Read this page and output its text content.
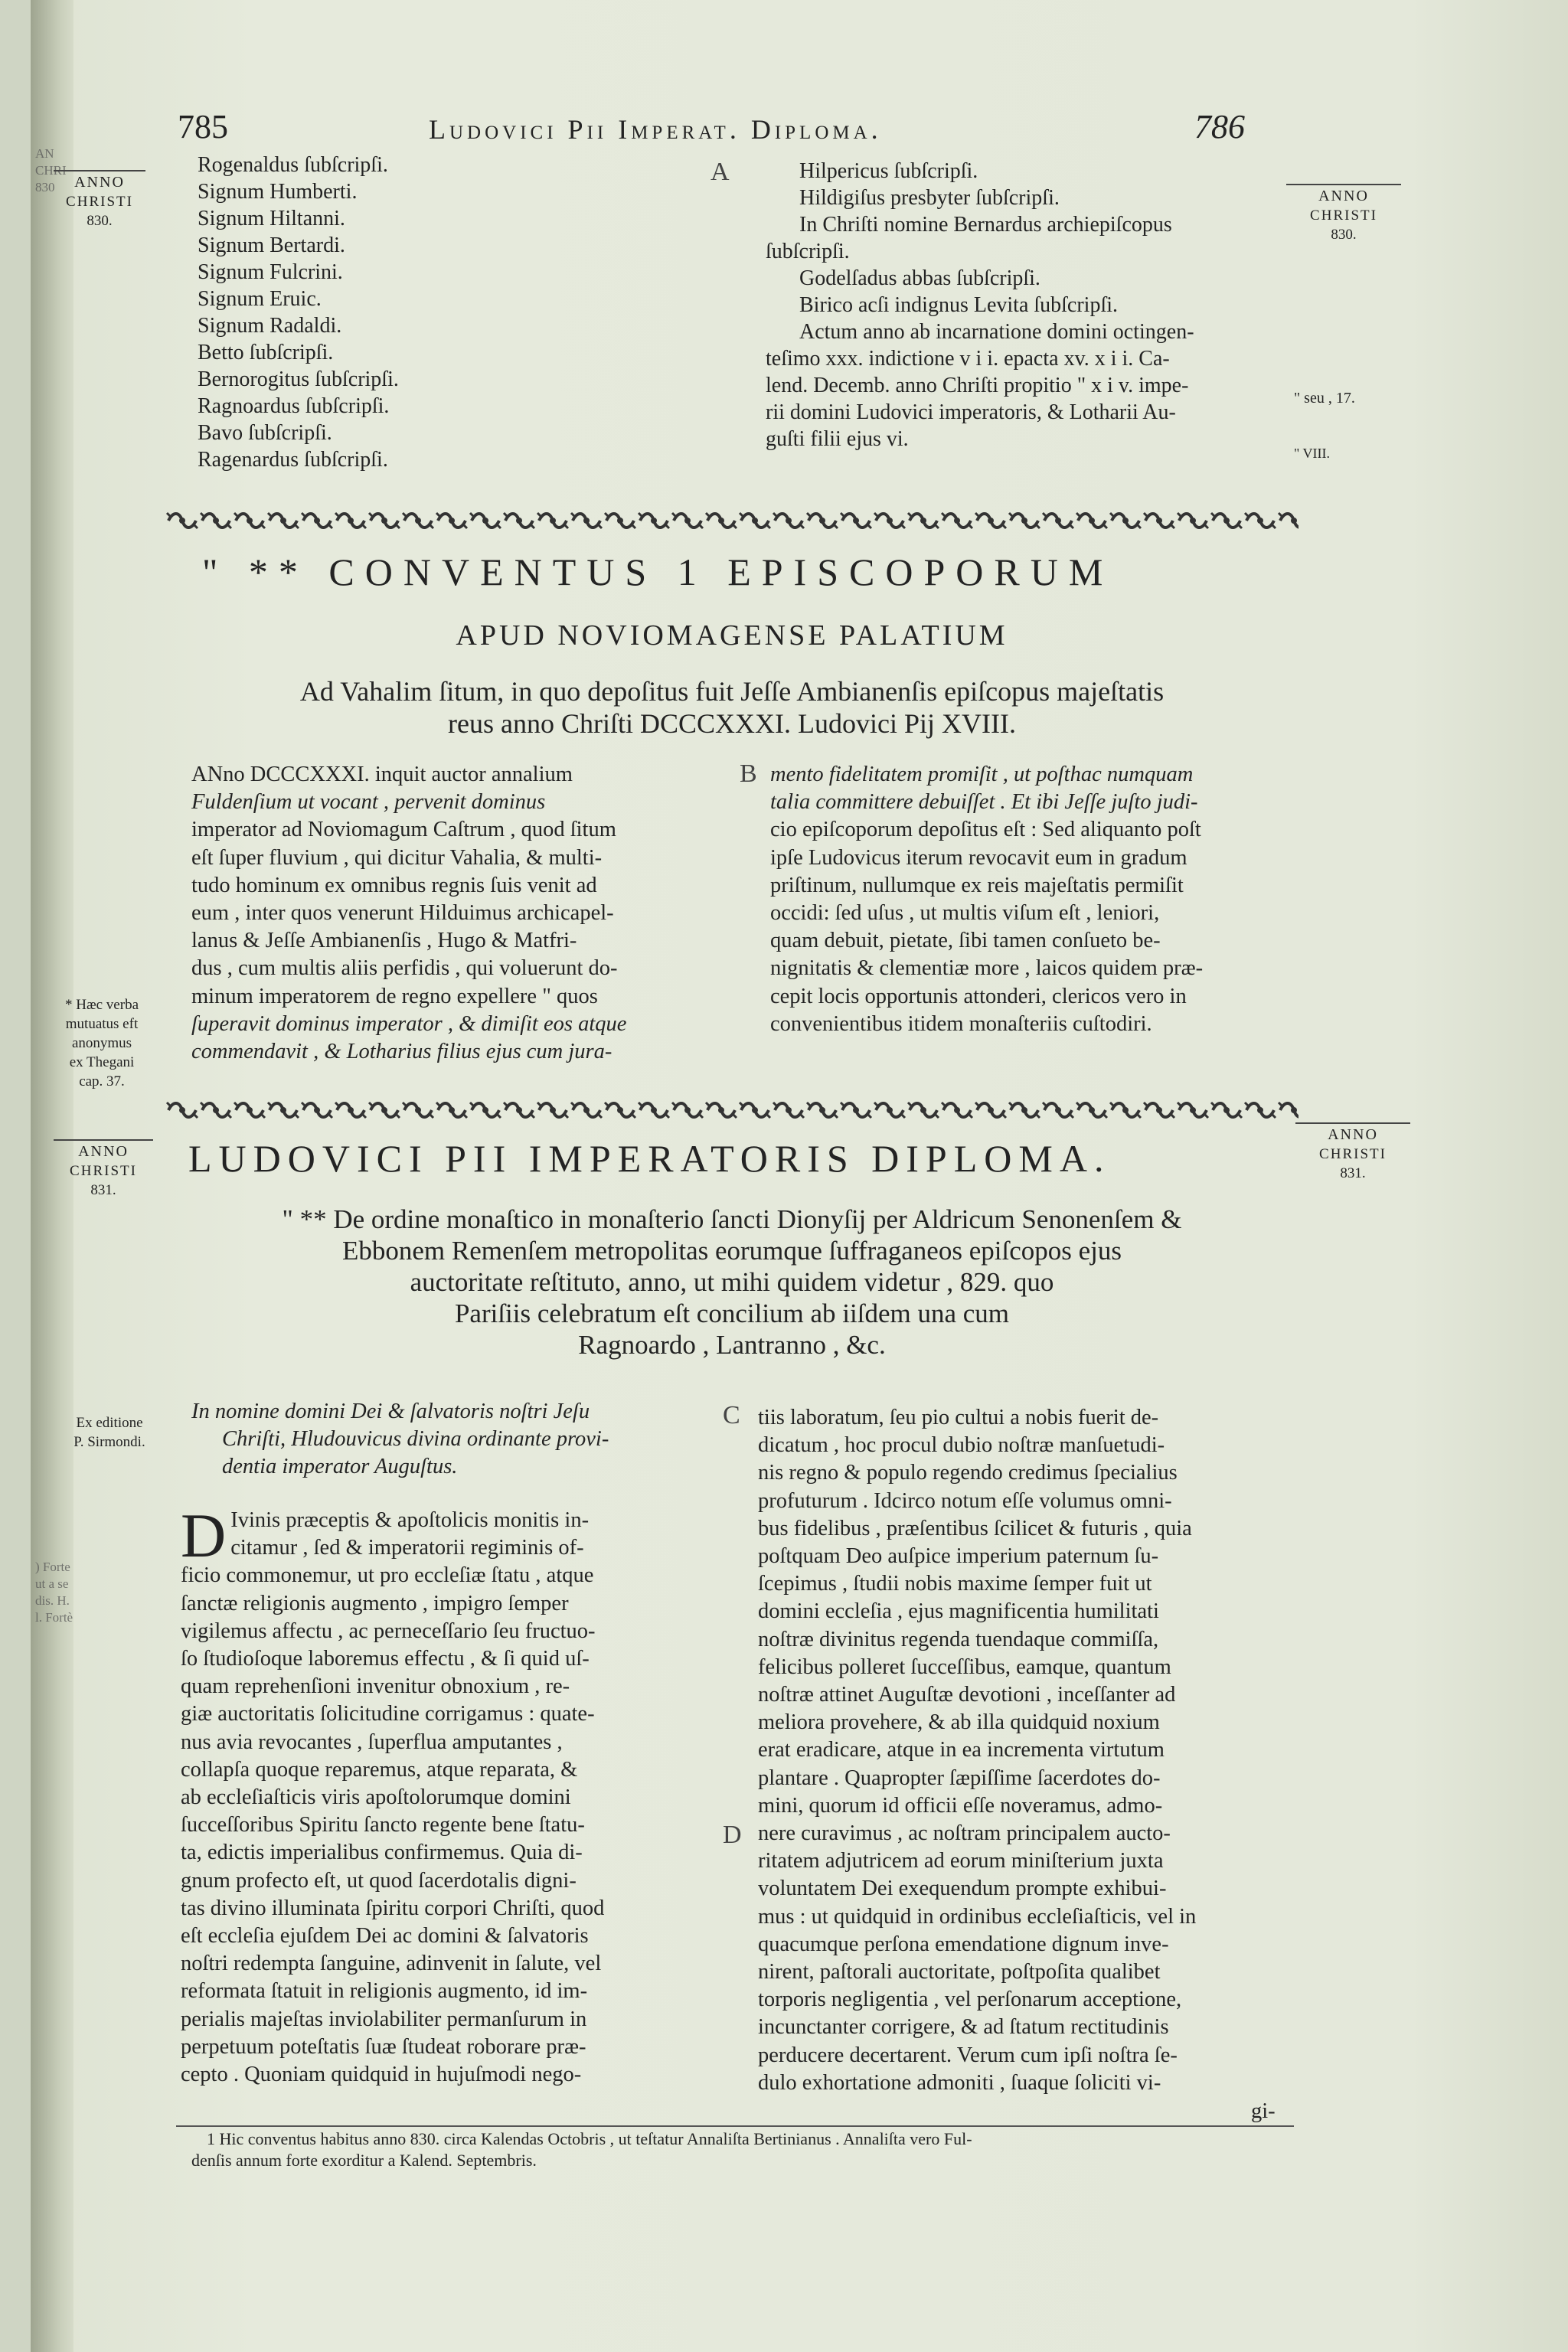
AN
CHRI
830
) Forte
ut a se
dis. H.
l. Fortè
785	Ludovici Pii Imperat. Diploma.	786
ANNO
CHRISTI
830.
ANNO
CHRISTI
830.
" seu , 17.
" VIII.
Rogenaldus ſubſcripſi.
Signum Humberti.
Signum Hiltanni.
Signum Bertardi.
Signum Fulcrini.
Signum Eruic.
Signum Radaldi.
Betto ſubſcripſi.
Bernorogitus ſubſcripſi.
Ragnoardus ſubſcripſi.
Bavo ſubſcripſi.
Ragenardus ſubſcripſi.
A	Hilpericus ſubſcripſi.
Hildigiſus presbyter ſubſcripſi.
In Chriſti nomine Bernardus archiepiſcopus
ſubſcripſi.
Godelſadus abbas ſubſcripſi.
Birico acſi indignus Levita ſubſcripſi.
Actum anno ab incarnatione domini octingen-
teſimo xxx. indictione v i i. epacta xv. x i i. Ca-
lend. Decemb. anno Chriſti propitio " x i v. impe-
rii domini Ludovici imperatoris, & Lotharii Au-
guſti filii ejus vi.
" ** CONVENTUS 1 EPISCOPORUM
APUD NOVIOMAGENSE PALATIUM
Ad Vahalim ſitum, in quo depoſitus fuit Jeſſe Ambianenſis epiſcopus majeſtatis
reus anno Chriſti DCCCXXXI. Ludovici Pij XVIII.
* Hæc verba
mutuatus eft
anonymus
ex Thegani
cap. 37.

ANno DCCCXXXI. inquit auctor annalium

Fuldenſium ut vocant , pervenit dominus

imperator ad Noviomagum Caſtrum , quod ſitum

eſt ſuper fluvium , qui dicitur Vahalia, & multi-

tudo hominum ex omnibus regnis ſuis venit ad

eum , inter quos venerunt Hilduimus archicapel-

lanus & Jeſſe Ambianenſis , Hugo & Matfri-

dus , cum multis aliis perfidis , qui voluerunt do-

minum imperatorem de regno expellere " quos

ſuperavit dominus imperator , & dimiſit eos atque

commendavit , & Lotharius filius ejus cum jura-

B mento fidelitatem promiſit , ut poſthac numquam

talia committere debuiſſet . Et ibi Jeſſe juſto judi-

cio epiſcoporum depoſitus eſt : Sed aliquanto poſt

ipſe Ludovicus iterum revocavit eum in gradum

priſtinum, nullumque ex reis majeſtatis permiſit

occidi: ſed uſus , ut multis viſum eſt , leniori,

quam debuit, pietate, ſibi tamen conſueto be-

nignitatis & clementiæ more , laicos quidem præ-

cepit locis opportunis attonderi, clericos vero in

convenientibus itidem monaſteriis cuſtodiri.

ANNO
CHRISTI
831.
ANNO
CHRISTI
831.
LUDOVICI PII IMPERATORIS DIPLOMA.
" ** De ordine monaſtico in monaſterio ſancti Dionyſij per Aldricum Senonenſem &
Ebbonem Remenſem metropolitas eorumque ſuffraganeos epiſcopos ejus
auctoritate reſtituto, anno, ut mihi quidem videtur , 829. quo
Pariſiis celebratum eſt concilium ab iiſdem una cum
Ragnoardo , Lantranno , &c.
Ex editione
P. Sirmondi.

In nomine domini Dei & ſalvatoris noſtri Jeſu

Chriſti, Hludouvicus divina ordinante provi-

dentia imperator Auguſtus.

C
D
D Ivinis præceptis & apoſtolicis monitis in-

citamur , ſed & imperatorii regiminis of-

ficio commonemur, ut pro eccleſiæ ſtatu , atque

ſanctæ religionis augmento , impigro ſemper

vigilemus affectu , ac perneceſſario ſeu fructuo-

ſo ſtudioſoque laboremus effectu , & ſi quid uſ-

quam reprehenſioni invenitur obnoxium , re-

giæ auctoritatis ſolicitudine corrigamus : quate-

nus avia revocantes , ſuperflua amputantes ,

collapſa quoque reparemus, atque reparata, &

ab eccleſiaſticis viris apoſtolorumque domini

ſucceſſoribus Spiritu ſancto regente bene ſtatu-

ta, edictis imperialibus confirmemus. Quia di-

gnum profecto eſt, ut quod ſacerdotalis digni-

tas divino illuminata ſpiritu corpori Chriſti, quod

eſt eccleſia ejuſdem Dei ac domini & ſalvatoris

noſtri redempta ſanguine, adinvenit in ſalute, vel

reformata ſtatuit in religionis augmento, id im-

perialis majeſtas inviolabiliter permanſurum in

perpetuum poteſtatis ſuæ ſtudeat roborare præ-

cepto . Quoniam quidquid in hujuſmodi nego-

tiis laboratum, ſeu pio cultui a nobis fuerit de-

dicatum , hoc procul dubio noſtræ manſuetudi-

nis regno & populo regendo credimus ſpecialius

profuturum . Idcirco notum eſſe volumus omni-

bus fidelibus , præſentibus ſcilicet & futuris , quia

poſtquam Deo auſpice imperium paternum ſu-

ſcepimus , ſtudii nobis maxime ſemper fuit ut

domini eccleſia , ejus magnificentia humilitati

noſtræ divinitus regenda tuendaque commiſſa,

felicibus polleret ſucceſſibus, eamque, quantum

noſtræ attinet Auguſtæ devotioni , inceſſanter ad

meliora provehere, & ab illa quidquid noxium

erat eradicare, atque in ea incrementa virtutum

plantare . Quapropter ſæpiſſime ſacerdotes do-

mini, quorum id officii eſſe noveramus, admo-

nere curavimus , ac noſtram principalem aucto-

ritatem adjutricem ad eorum miniſterium juxta

voluntatem Dei exequendum prompte exhibui-

mus : ut quidquid in ordinibus eccleſiaſticis, vel in

quacumque perſona emendatione dignum inve-

nirent, paſtorali auctoritate, poſtpoſita qualibet

torporis negligentia , vel perſonarum acceptione,

incunctanter corrigere, & ad ſtatum rectitudinis

perducere decertarent. Verum cum ipſi noſtra ſe-

dulo exhortatione admoniti , ſuaque ſoliciti vi-

gi-
1 Hic conventus habitus anno 830. circa Kalendas Octobris , ut teſtatur Annaliſta Bertinianus . Annaliſta vero Ful-
denſis annum forte exorditur a Kalend. Septembris.
